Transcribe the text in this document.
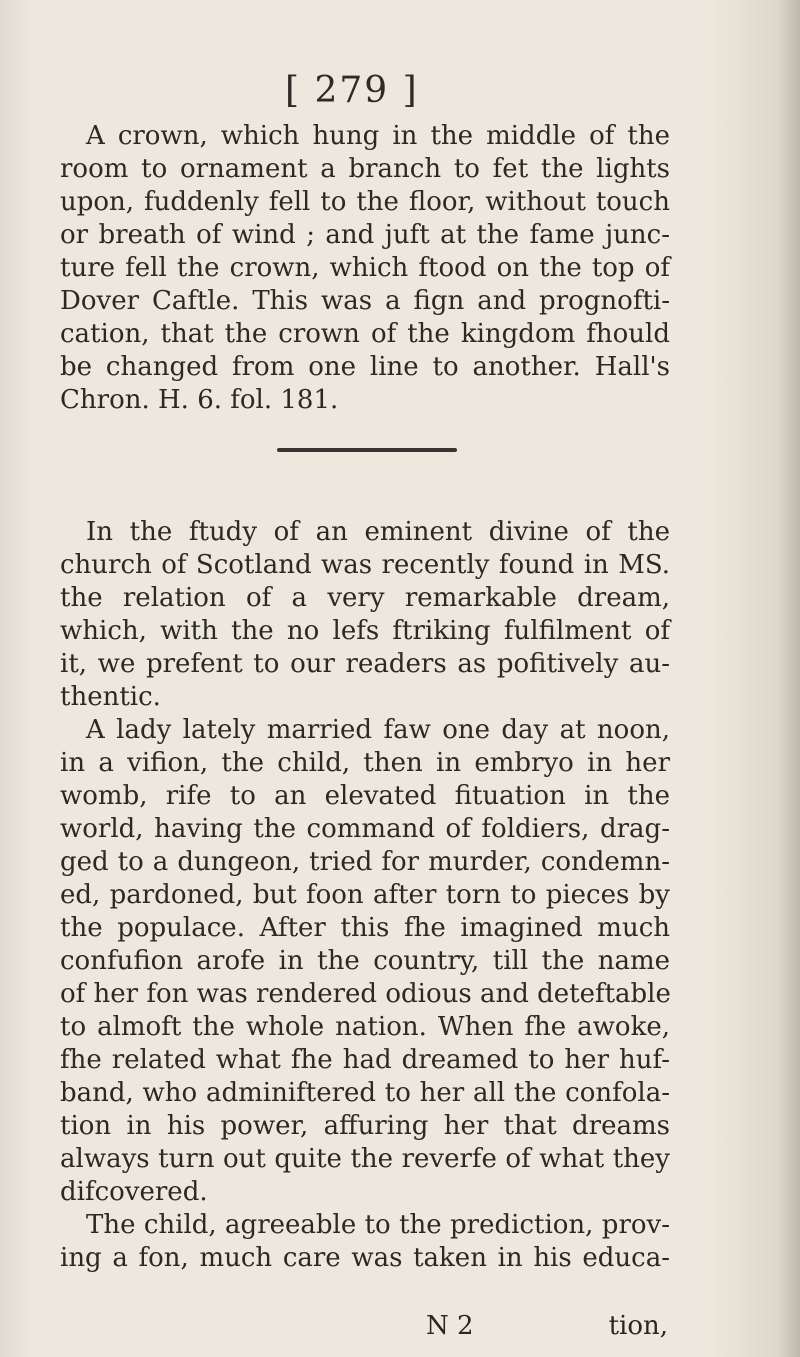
[ 279 ]
A crown, which hung in the middle of the
room to ornament a branch to fet the lights
upon, fuddenly fell to the floor, without touch
or breath of wind ; and juft at the fame junc-
ture fell the crown, which ftood on the top of
Dover Caftle. This was a fign and prognofti-
cation, that the crown of the kingdom fhould
be changed from one line to another. Hall's
Chron. H. 6. fol. 181.
In the ftudy of an eminent divine of the
church of Scotland was recently found in MS.
the relation of a very remarkable dream,
which, with the no lefs ftriking fulfilment of
it, we prefent to our readers as pofitively au-
thentic.
A lady lately married faw one day at noon,
in a vifion, the child, then in embryo in her
womb, rife to an elevated fituation in the
world, having the command of foldiers, drag-
ged to a dungeon, tried for murder, condemn-
ed, pardoned, but foon after torn to pieces by
the populace. After this fhe imagined much
confufion arofe in the country, till the name
of her fon was rendered odious and deteftable
to almoft the whole nation. When fhe awoke,
fhe related what fhe had dreamed to her huf-
band, who adminiftered to her all the confola-
tion in his power, affuring her that dreams
always turn out quite the reverfe of what they
difcovered.
The child, agreeable to the prediction, prov-
ing a fon, much care was taken in his educa-
N 2	tion,
